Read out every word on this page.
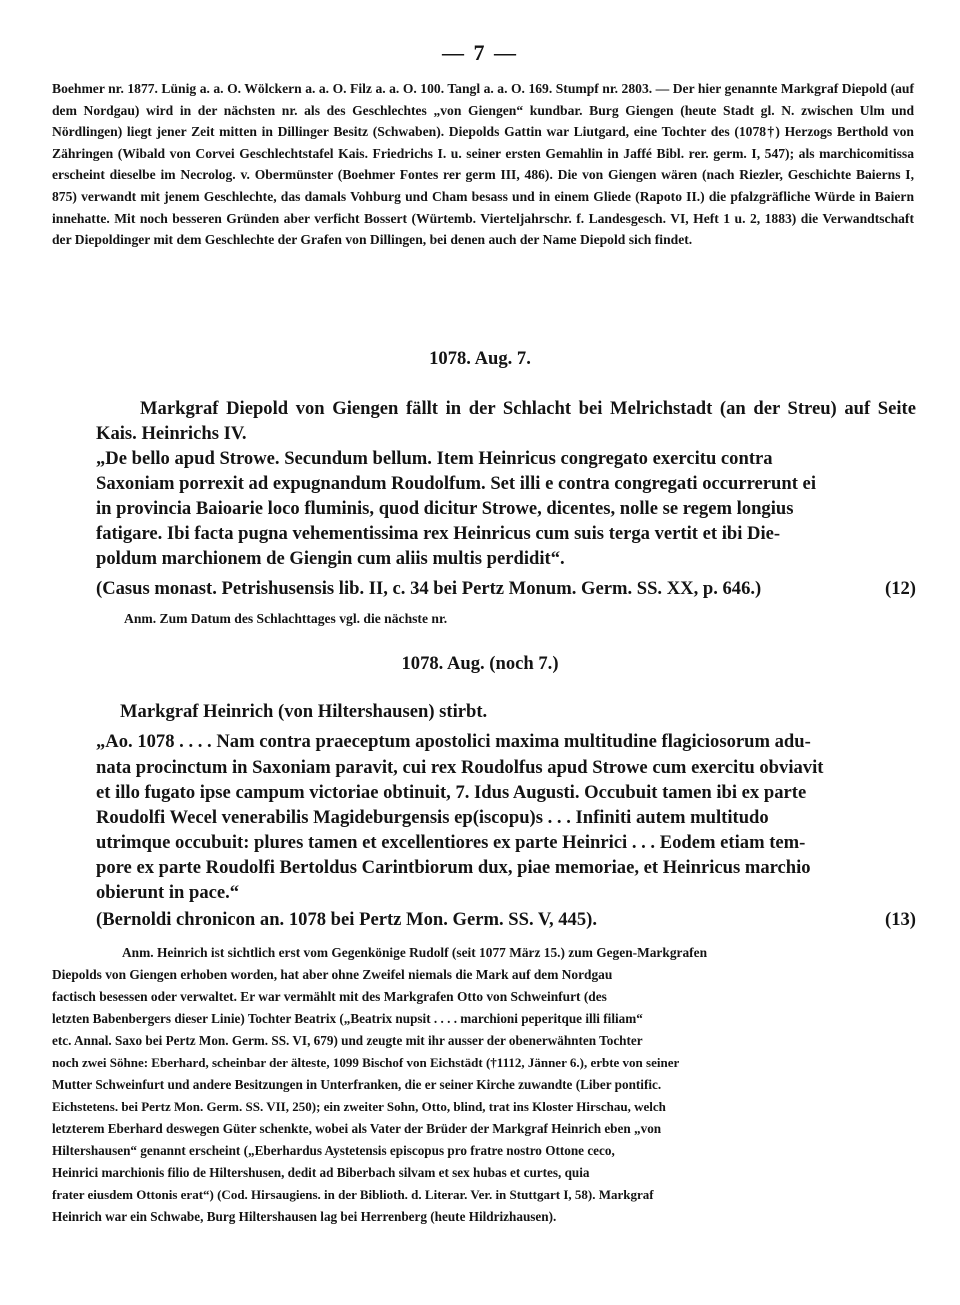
— 7 —
Boehmer nr. 1877. Lünig a. a. O. Wölckern a. a. O. Filz a. a. O. 100. Tangl a. a. O. 169. Stumpf nr. 2803. — Der hier genannte Markgraf Diepold (auf dem Nordgau) wird in der nächsten nr. als des Geschlechtes „von Giengen“ kundbar. Burg Giengen (heute Stadt gl. N. zwischen Ulm und Nördlingen) liegt jener Zeit mitten in Dillinger Besitz (Schwaben). Diepolds Gattin war Liutgard, eine Tochter des (1078†) Herzogs Berthold von Zähringen (Wibald von Corvei Geschlechtstafel Kais. Friedrichs I. u. seiner ersten Gemahlin in Jaffé Bibl. rer. germ. I, 547); als marchicomitissa erscheint dieselbe im Necrolog. v. Obermünster (Boehmer Fontes rer germ III, 486). Die von Giengen wären (nach Riezler, Geschichte Baierns I, 875) verwandt mit jenem Geschlechte, das damals Vohburg und Cham besass und in einem Gliede (Rapoto II.) die pfalzgräfliche Würde in Baiern innehatte. Mit noch besseren Gründen aber verficht Bossert (Würtemb. Vierteljahrschr. f. Landesgesch. VI, Heft 1 u. 2, 1883) die Verwandtschaft der Diepoldinger mit dem Geschlechte der Grafen von Dillingen, bei denen auch der Name Diepold sich findet.
1078. Aug. 7.
Markgraf Diepold von Giengen fällt in der Schlacht bei Melrichstadt (an der Streu) auf Seite Kais. Heinrichs IV.
„De bello apud Strowe. Secundum bellum. Item Heinricus congregato exercitu contra
Saxoniam porrexit ad expugnandum Roudolfum. Set illi e contra congregati occurrerunt ei
in provincia Baioarie loco fluminis, quod dicitur Strowe, dicentes, nolle se regem longius
fatigare. Ibi facta pugna vehementissima rex Heinricus cum suis terga vertit et ibi Die-
poldum marchionem de Giengin cum aliis multis perdidit“.
(Casus monast. Petrishusensis lib. II, c. 34 bei Pertz Monum. Germ. SS. XX, p. 646.)	(12)
Anm. Zum Datum des Schlachttages vgl. die nächste nr.
1078. Aug. (noch 7.)
Markgraf Heinrich (von Hiltershausen) stirbt.
„Ao. 1078 . . . . Nam contra praeceptum apostolici maxima multitudine flagiciosorum adu-
nata procinctum in Saxoniam paravit, cui rex Roudolfus apud Strowe cum exercitu obviavit
et illo fugato ipse campum victoriae obtinuit, 7. Idus Augusti. Occubuit tamen ibi ex parte
Roudolfi Wecel venerabilis Magideburgensis ep(iscopu)s . . . Infiniti autem multitudo
utrimque occubuit: plures tamen et excellentiores ex parte Heinrici . . . Eodem etiam tem-
pore ex parte Roudolfi Bertoldus Carintbiorum dux, piae memoriae, et Heinricus marchio
obierunt in pace.“
(Bernoldi chronicon an. 1078 bei Pertz Mon. Germ. SS. V, 445).	(13)
Anm. Heinrich ist sichtlich erst vom Gegenkönige Rudolf (seit 1077 März 15.) zum Gegen-Markgrafen
Diepolds von Giengen erhoben worden, hat aber ohne Zweifel niemals die Mark auf dem Nordgau
factisch besessen oder verwaltet. Er war vermählt mit des Markgrafen Otto von Schweinfurt (des
letzten Babenbergers dieser Linie) Tochter Beatrix („Beatrix nupsit . . . . marchioni peperitque illi filiam“
etc. Annal. Saxo bei Pertz Mon. Germ. SS. VI, 679) und zeugte mit ihr ausser der obenerwähnten Tochter
noch zwei Söhne: Eberhard, scheinbar der älteste, 1099 Bischof von Eichstädt (†1112, Jänner 6.), erbte von seiner
Mutter Schweinfurt und andere Besitzungen in Unterfranken, die er seiner Kirche zuwandte (Liber pontific.
Eichstetens. bei Pertz Mon. Germ. SS. VII, 250); ein zweiter Sohn, Otto, blind, trat ins Kloster Hirschau, welch
letzterem Eberhard deswegen Güter schenkte, wobei als Vater der Brüder der Markgraf Heinrich eben „von
Hiltershausen“ genannt erscheint („Eberhardus Aystetensis episcopus pro fratre nostro Ottone ceco,
Heinrici marchionis filio de Hiltershusen, dedit ad Biberbach silvam et sex hubas et curtes, quia
frater eiusdem Ottonis erat“) (Cod. Hirsaugiens. in der Biblioth. d. Literar. Ver. in Stuttgart I, 58). Markgraf
Heinrich war ein Schwabe, Burg Hiltershausen lag bei Herrenberg (heute Hildrizhausen).
